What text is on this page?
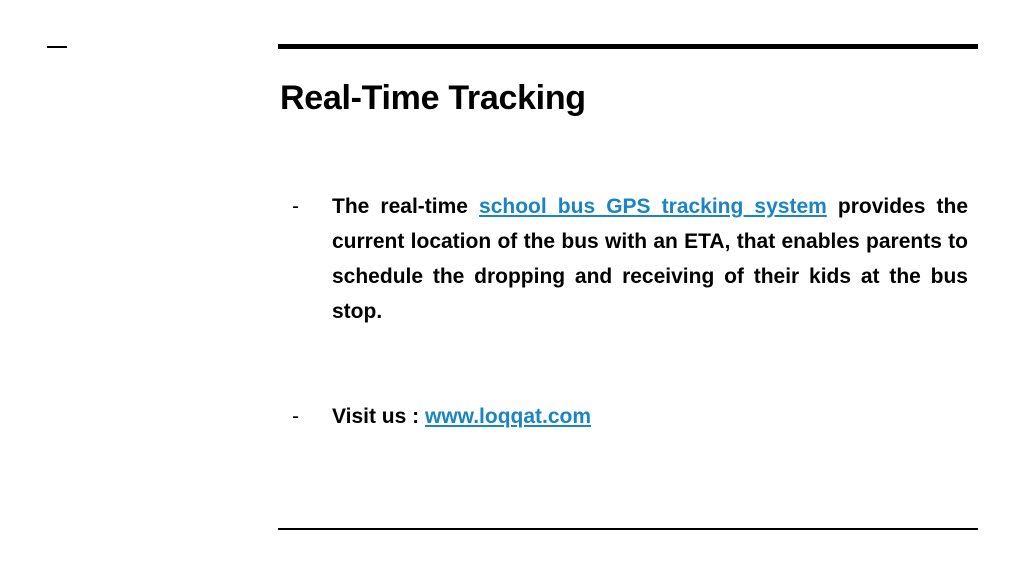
Real-Time Tracking
- The real-time school bus GPS tracking system provides the current location of the bus with an ETA, that enables parents to schedule the dropping and receiving of their kids at the bus stop.
- Visit us : www.loqqat.com
